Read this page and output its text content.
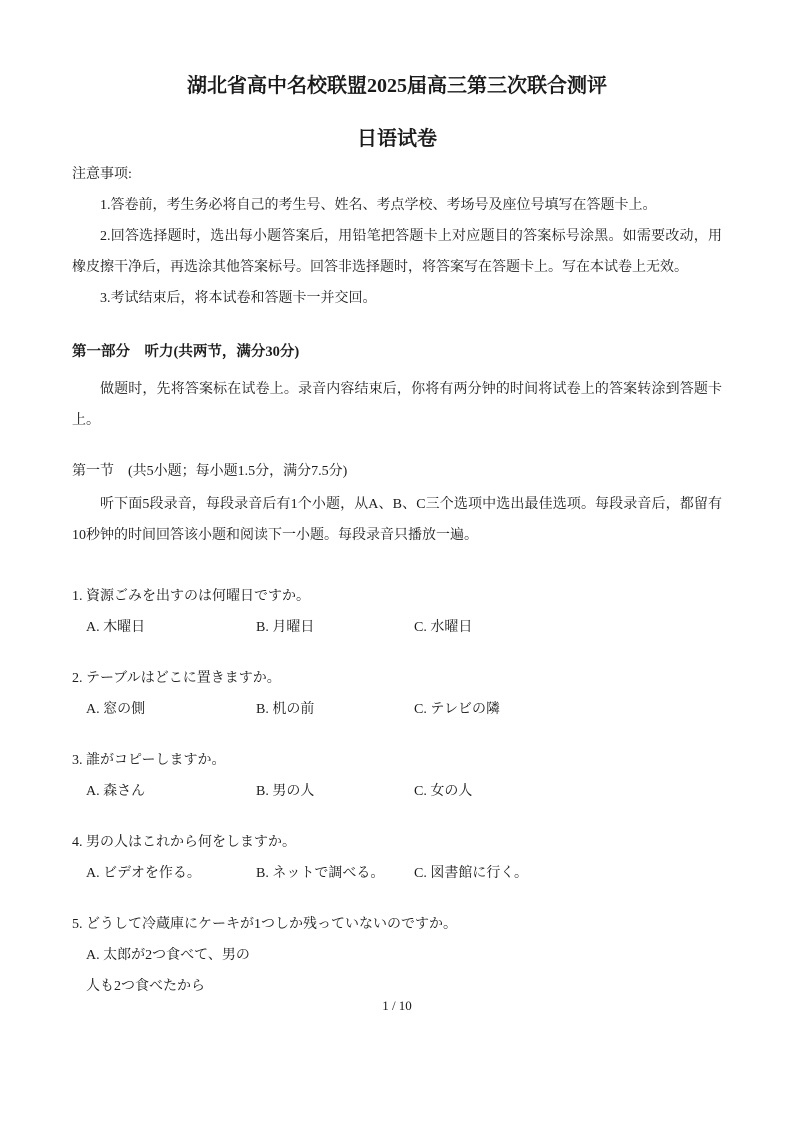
湖北省高中名校联盟2025届高三第三次联合测评
日语试卷

注意事项:

1.答卷前，考生务必将自己的考生号、姓名、考点学校、考场号及座位号填写在答题卡上。

2.回答选择题时，选出每小题答案后，用铅笔把答题卡上对应题目的答案标号涂黑。如需要改动，用橡皮擦干净后，再选涂其他答案标号。回答非选择题时，将答案写在答题卡上。写在本试卷上无效。

3.考试结束后，将本试卷和答题卡一并交回。

第一部分　听力(共两节，满分30分)

做题时，先将答案标在试卷上。录音内容结束后，你将有两分钟的时间将试卷上的答案转涂到答题卡上。

第一节　(共5小题；每小题1.5分，满分7.5分)

听下面5段录音，每段录音后有1个小题，从A、B、C三个选项中选出最佳选项。每段录音后，都留有10秒钟的时间回答该小题和阅读下一小题。每段录音只播放一遍。

1. 資源ごみを出すのは何曜日ですか。

A. 木曜日	B. 月曜日	C. 水曜日

2. テーブルはどこに置きますか。

A. 窓の側	B. 机の前	C. テレビの隣

3. 誰がコピーしますか。

A. 森さん	B. 男の人	C. 女の人

4. 男の人はこれから何をしますか。

A. ビデオを作る。	B. ネットで調べる。	C. 図書館に行く。

5. どうして冷蔵庫にケーキが1つしか残っていないのですか。

A. 太郎が2つ食べて、男の人も2つ食べたから
1 / 10
